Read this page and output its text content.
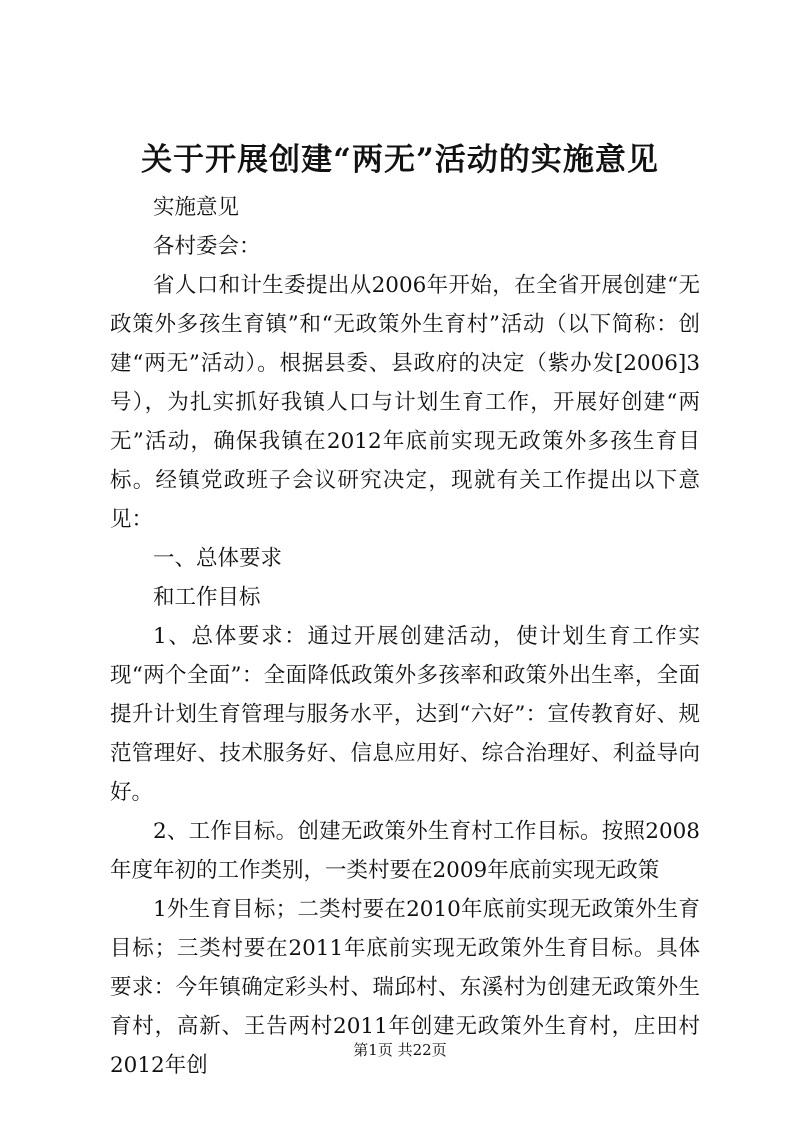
关于开展创建“两无”活动的实施意见

实施意见

各村委会：

省人口和计生委提出从2006年开始，在全省开展创建“无政策外多孩生育镇”和“无政策外生育村”活动（以下简称：创建“两无”活动）。根据县委、县政府的决定（紫办发[2006]3号），为扎实抓好我镇人口与计划生育工作，开展好创建“两无”活动，确保我镇在2012年底前实现无政策外多孩生育目标。经镇党政班子会议研究决定，现就有关工作提出以下意见：

一、总体要求

和工作目标

1、总体要求：通过开展创建活动，使计划生育工作实现“两个全面”：全面降低政策外多孩率和政策外出生率，全面提升计划生育管理与服务水平，达到“六好”：宣传教育好、规范管理好、技术服务好、信息应用好、综合治理好、利益导向好。

2、工作目标。创建无政策外生育村工作目标。按照2008年度年初的工作类别，一类村要在2009年底前实现无政策

1外生育目标；二类村要在2010年底前实现无政策外生育目标；三类村要在2011年底前实现无政策外生育目标。具体要求：今年镇确定彩头村、瑞邱村、东溪村为创建无政策外生育村，高新、王告两村2011年创建无政策外生育村，庄田村2012年创

第1页 共22页
